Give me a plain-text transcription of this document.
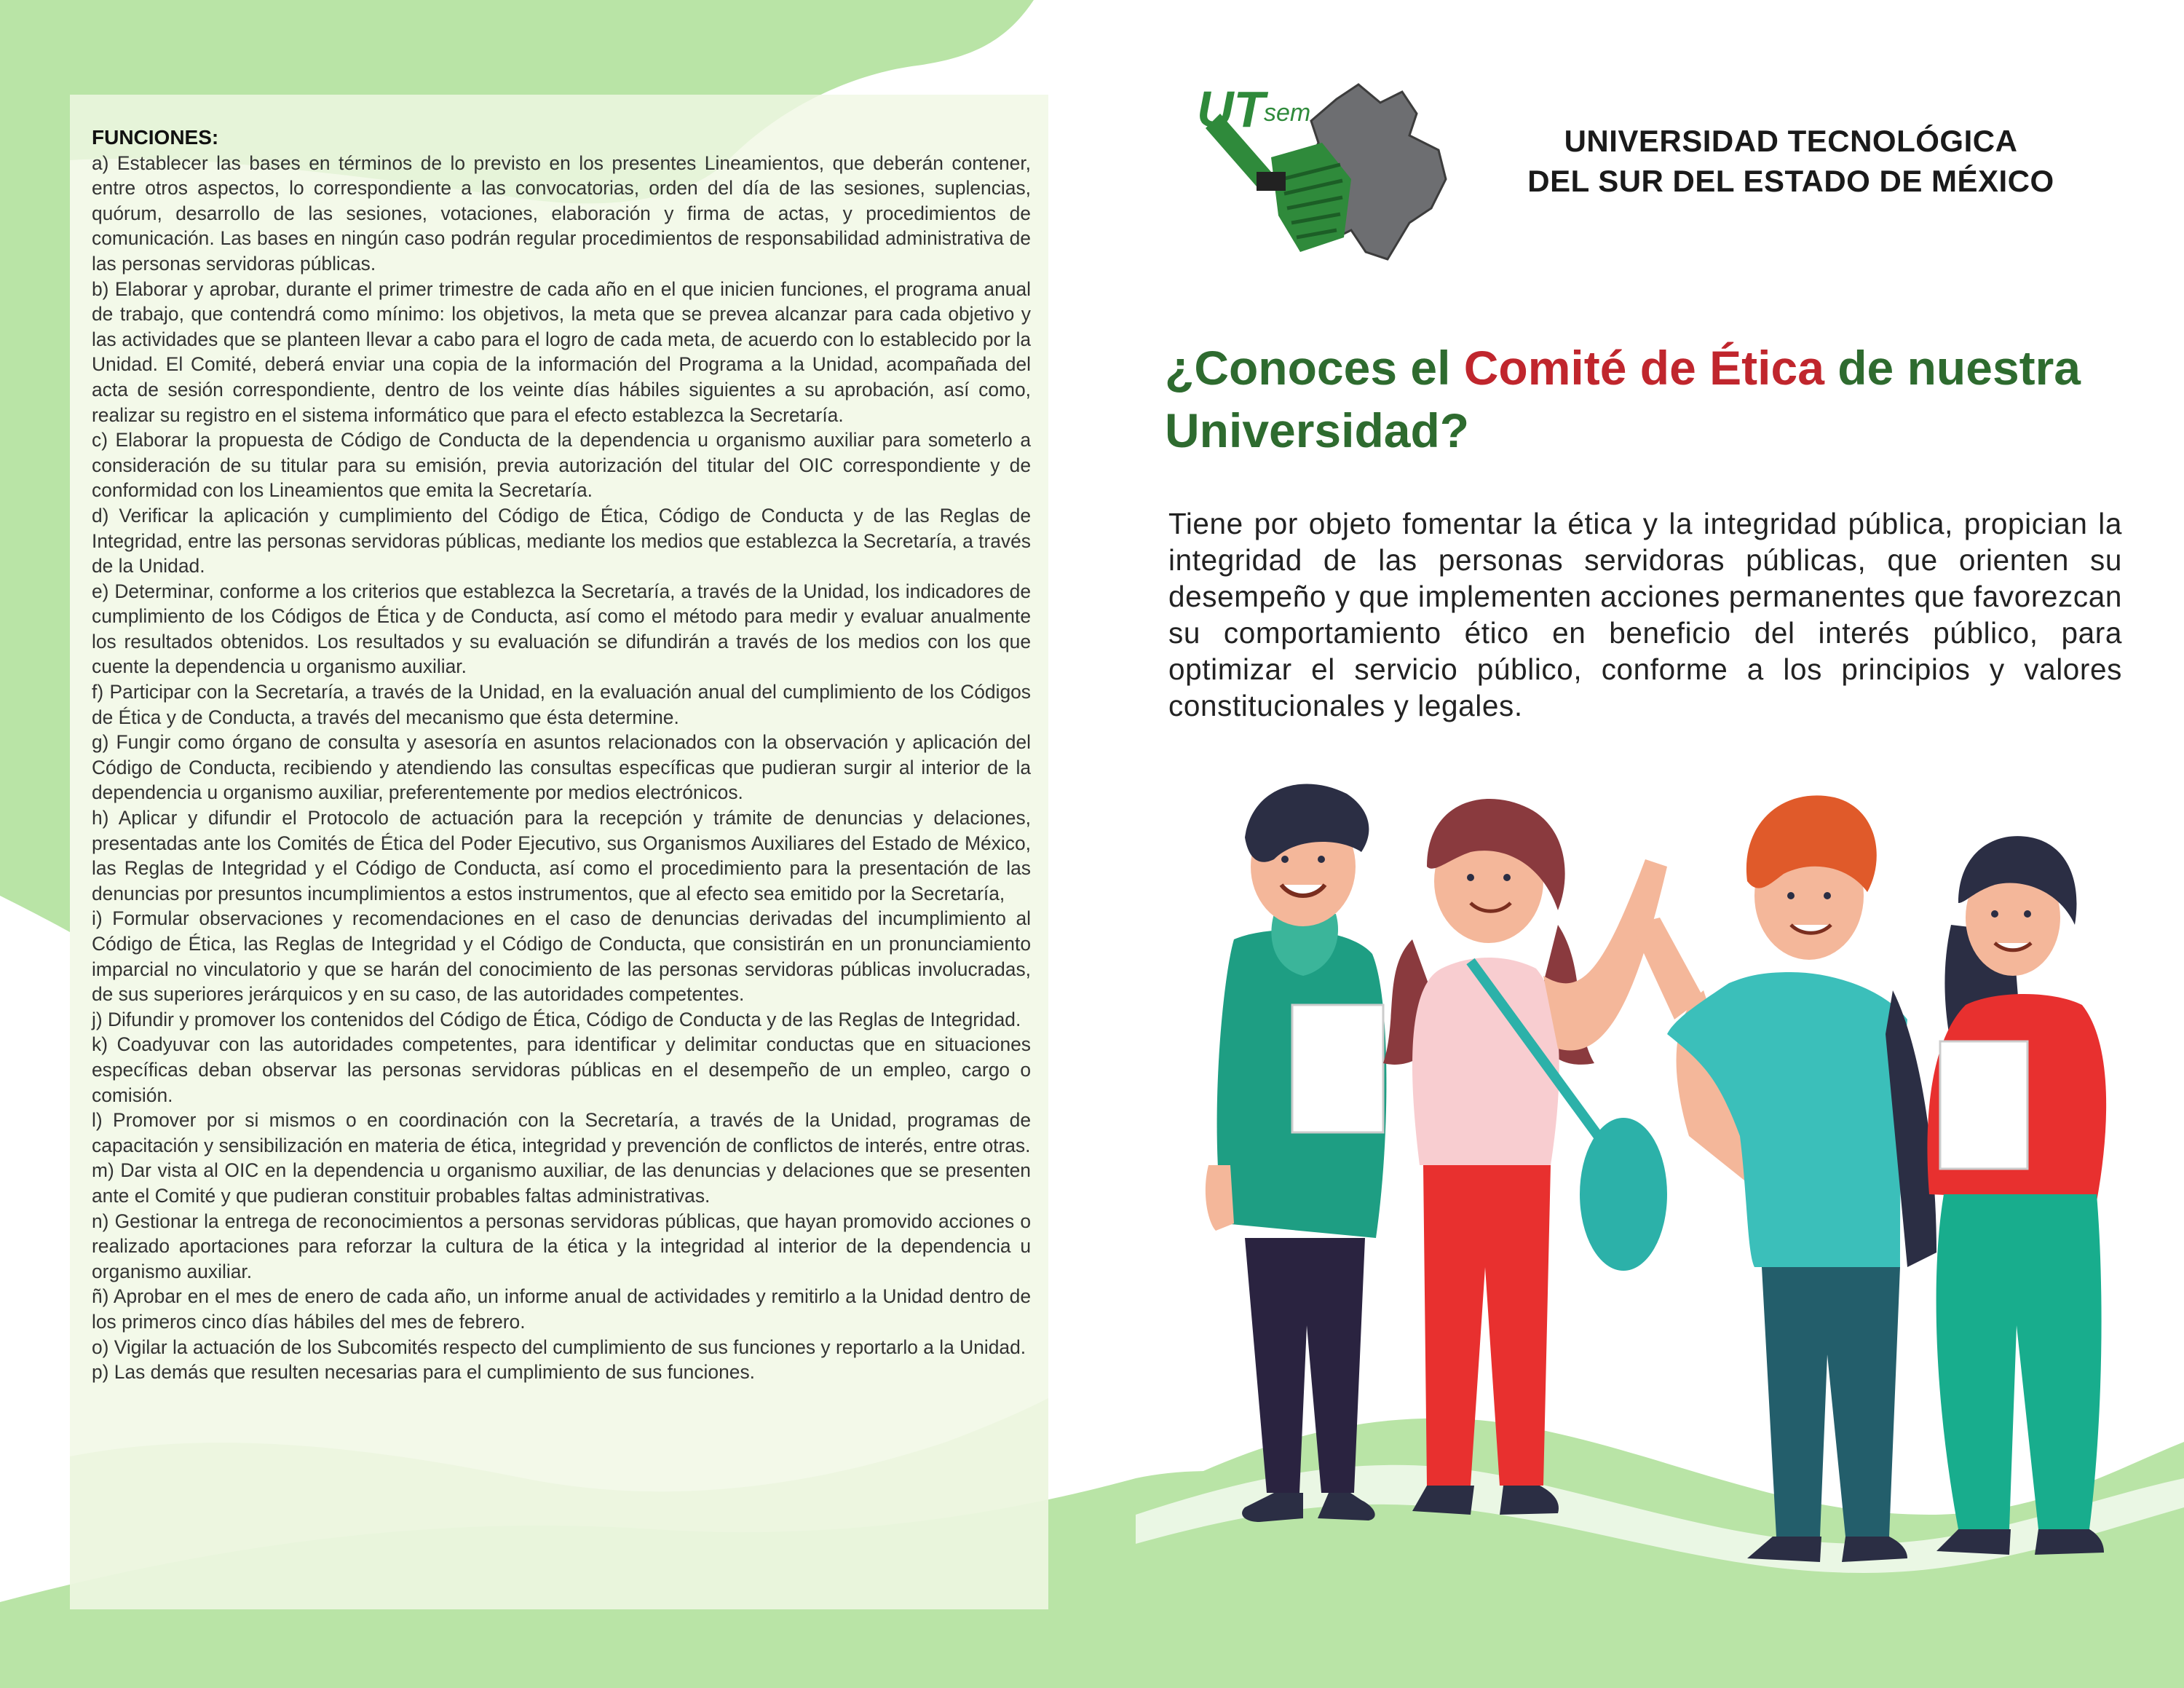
FUNCIONES:
a) Establecer las bases en términos de lo previsto en los presentes Lineamientos, que deberán contener, entre otros aspectos, lo correspondiente a las convocatorias, orden del día de las sesiones, suplencias, quórum, desarrollo de las sesiones, votaciones, elaboración y firma de actas, y procedimientos de comunicación. Las bases en ningún caso podrán regular procedimientos de responsabilidad administrativa de las personas servidoras públicas.
b) Elaborar y aprobar, durante el primer trimestre de cada año en el que inicien funciones, el programa anual de trabajo, que contendrá como mínimo: los objetivos, la meta que se prevea alcanzar para cada objetivo y las actividades que se planteen llevar a cabo para el logro de cada meta, de acuerdo con lo establecido por la Unidad. El Comité, deberá enviar una copia de la información del Programa a la Unidad, acompañada del acta de sesión correspondiente, dentro de los veinte días hábiles siguientes a su aprobación, así como, realizar su registro en el sistema informático que para el efecto establezca la Secretaría.
c) Elaborar la propuesta de Código de Conducta de la dependencia u organismo auxiliar para someterlo a consideración de su titular para su emisión, previa autorización del titular del OIC correspondiente y de conformidad con los Lineamientos que emita la Secretaría.
d) Verificar la aplicación y cumplimiento del Código de Ética, Código de Conducta y de las Reglas de Integridad, entre las personas servidoras públicas, mediante los medios que establezca la Secretaría, a través de la Unidad.
e) Determinar, conforme a los criterios que establezca la Secretaría, a través de la Unidad, los indicadores de cumplimiento de los Códigos de Ética y de Conducta, así como el método para medir y evaluar anualmente los resultados obtenidos. Los resultados y su evaluación se difundirán a través de los medios con los que cuente la dependencia u organismo auxiliar.
f) Participar con la Secretaría, a través de la Unidad, en la evaluación anual del cumplimiento de los Códigos de Ética y de Conducta, a través del mecanismo que ésta determine.
g) Fungir como órgano de consulta y asesoría en asuntos relacionados con la observación y aplicación del Código de Conducta, recibiendo y atendiendo las consultas específicas que pudieran surgir al interior de la dependencia u organismo auxiliar, preferentemente por medios electrónicos.
h) Aplicar y difundir el Protocolo de actuación para la recepción y trámite de denuncias y delaciones, presentadas ante los Comités de Ética del Poder Ejecutivo, sus Organismos Auxiliares del Estado de México, las Reglas de Integridad y el Código de Conducta, así como el procedimiento para la presentación de las denuncias por presuntos incumplimientos a estos instrumentos, que al efecto sea emitido por la Secretaría,
i) Formular observaciones y recomendaciones en el caso de denuncias derivadas del incumplimiento al Código de Ética, las Reglas de Integridad y el Código de Conducta, que consistirán en un pronunciamiento imparcial no vinculatorio y que se harán del conocimiento de las personas servidoras públicas involucradas, de sus superiores jerárquicos y en su caso, de las autoridades competentes.
j) Difundir y promover los contenidos del Código de Ética, Código de Conducta y de las Reglas de Integridad.
k) Coadyuvar con las autoridades competentes, para identificar y delimitar conductas que en situaciones específicas deban observar las personas servidoras públicas en el desempeño de un empleo, cargo o comisión.
l) Promover por si mismos o en coordinación con la Secretaría, a través de la Unidad, programas de capacitación y sensibilización en materia de ética, integridad y prevención de conflictos de interés, entre otras.
m) Dar vista al OIC en la dependencia u organismo auxiliar, de las denuncias y delaciones que se presenten ante el Comité y que pudieran constituir probables faltas administrativas.
n) Gestionar la entrega de reconocimientos a personas servidoras públicas, que hayan promovido acciones o realizado aportaciones para reforzar la cultura de la ética y la integridad al interior de la dependencia u organismo auxiliar.
ñ) Aprobar en el mes de enero de cada año, un informe anual de actividades y remitirlo a la Unidad dentro de los primeros cinco días hábiles del mes de febrero.
o) Vigilar la actuación de los Subcomités respecto del cumplimiento de sus funciones y reportarlo a la Unidad.
p) Las demás que resulten necesarias para el cumplimiento de sus funciones.
UT
sem
UNIVERSIDAD TECNOLÓGICA
DEL SUR DEL ESTADO DE MÉXICO
¿Conoces el Comité de Ética de nuestra Universidad?

Tiene por objeto fomentar la ética y la integridad pública, propician la integridad de las personas servidoras públicas, que orienten su desempeño y que implementen acciones permanentes que favorezcan su comportamiento ético en beneficio del interés público, para optimizar el servicio público, conforme a los principios y valores constitucionales y legales.
